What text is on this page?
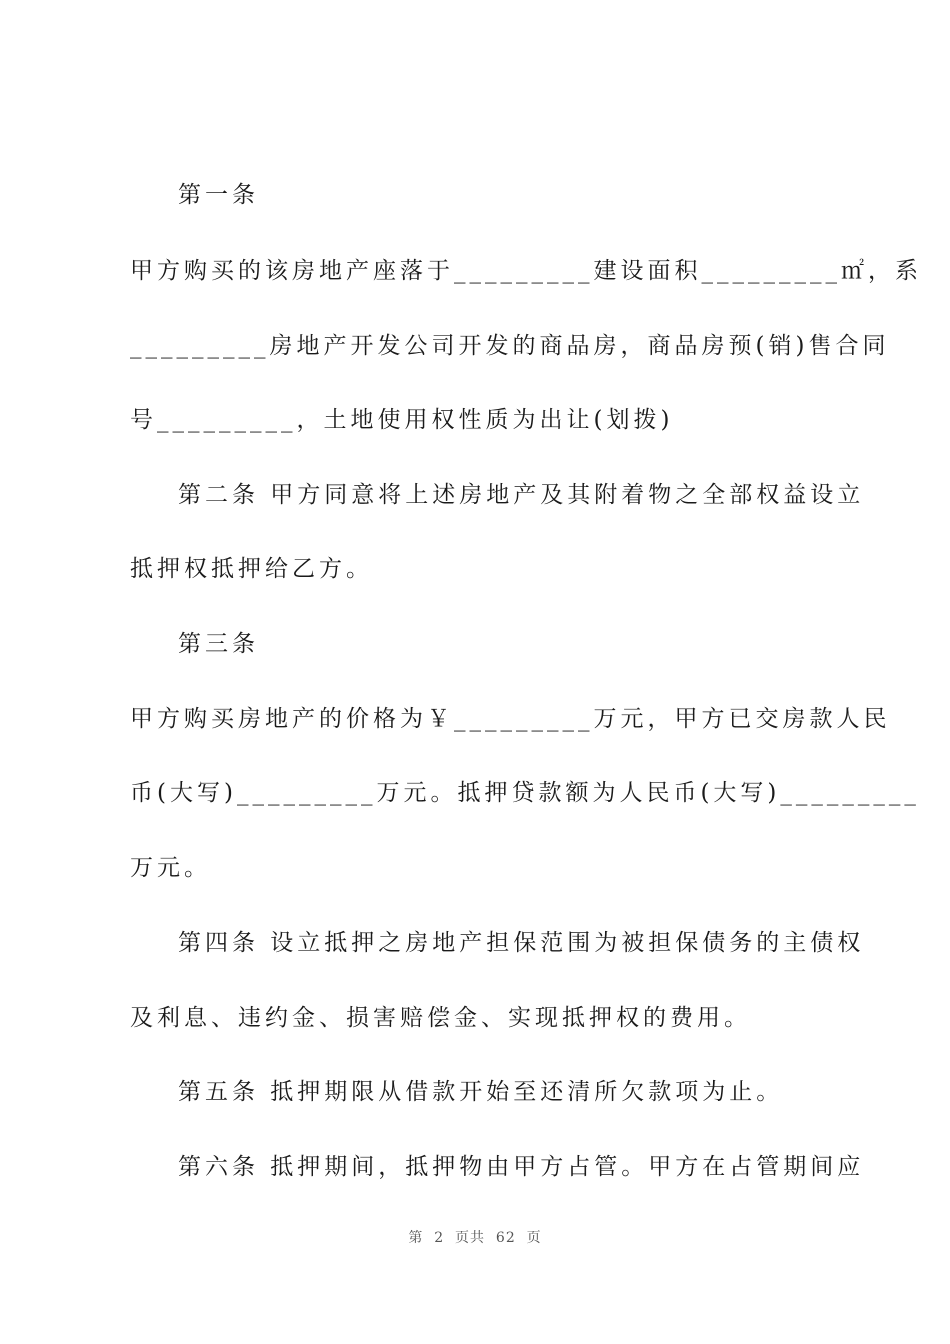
第一条
甲方购买的该房地产座落于_________建设面积_________㎡，系
_________房地产开发公司开发的商品房，商品房预(销)售合同
号_________，土地使用权性质为出让(划拨)
第二条 甲方同意将上述房地产及其附着物之全部权益设立
抵押权抵押给乙方。
第三条
甲方购买房地产的价格为￥_________万元，甲方已交房款人民
币(大写)_________万元。抵押贷款额为人民币(大写)_________
万元。
第四条 设立抵押之房地产担保范围为被担保债务的主债权
及利息、违约金、损害赔偿金、实现抵押权的费用。
第五条 抵押期限从借款开始至还清所欠款项为止。
第六条 抵押期间，抵押物由甲方占管。甲方在占管期间应
第  2  页共  62  页
